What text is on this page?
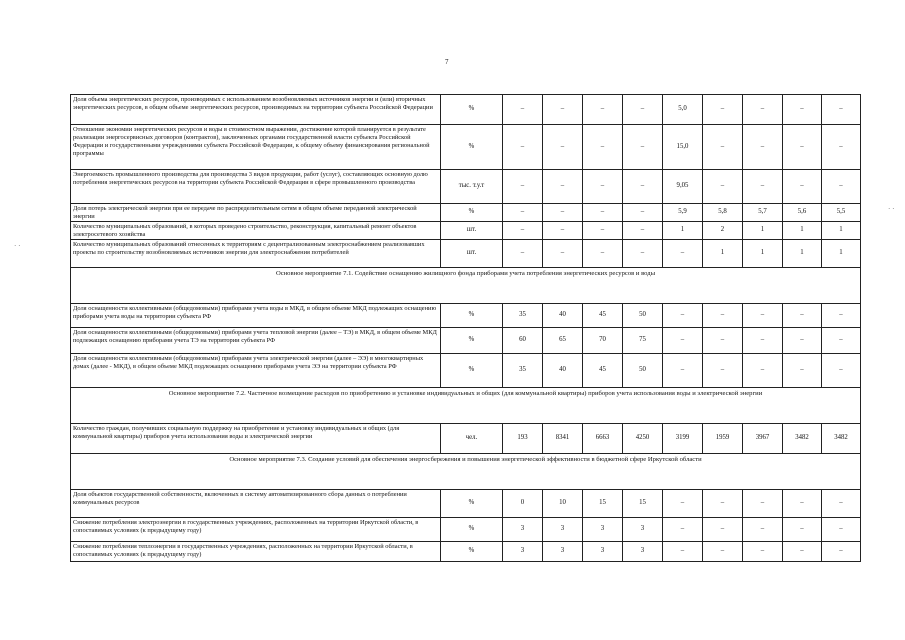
7
· ·
· ·
Доля объема энергетических ресурсов, производимых с использованием возобновляемых источников энергии и (или) вторичных энергетических ресурсов, в общем объеме энергетических ресурсов, производимых на территории субъекта Российской Федерации	%	–	–	–	–	5,0	–	–	–	–	
Отношение экономии энергетических ресурсов и воды в стоимостном выражении, достижение которой планируется в результате реализации энергосервисных договоров (контрактов), заключенных органами государственной власти субъекта Российской Федерации и государственными учреждениями субъекта Российской Федерации, к общему объему финансирования региональной программы	%	–	–	–	–	15,0	–	–	–	–	
Энергоемкость промышленного производства для производства 3 видов продукции, работ (услуг), составляющих основную долю потребления энергетических ресурсов на территории субъекта Российской Федерации в сфере промышленного производства	тыс. т.у.т	–	–	–	–	9,05	–	–	–	–	
Доля потерь электрической энергии при ее передаче по распределительным сетям в общем объеме переданной электрической энергии	%	–	–	–	–	5,9	5,8	5,7	5,6	5,5	
Количество муниципальных образований, в которых проведено строительство, реконструкция, капитальный ремонт объектов электросетевого хозяйства	шт.	–	–	–	–	1	2	1	1	1	
Количество муниципальных образований отнесенных к территориям с децентрализованным электроснабжением реализовавших проекты по строительству возобновляемых источников энергии для электроснабжения потребителей	шт.	–	–	–	–	–	1	1	1	1	
Основное мероприятие 7.1. Содействие оснащению жилищного фонда приборами учета потребления энергетических ресурсов и воды											
Доля оснащенности коллективными (общедомовыми) приборами учета воды в МКД, в общем объеме МКД подлежащих оснащению приборами учета воды на территории субъекта РФ	%	35	40	45	50	–	–	–	–	–	
Доля оснащенности коллективными (общедомовыми) приборами учета тепловой энергии (далее – ТЭ) в МКД, в общем объеме МКД подлежащих оснащению приборами учета ТЭ на территории субъекта РФ	%	60	65	70	75	–	–	–	–	–	
Доля оснащенности коллективными (общедомовыми) приборами учета электрической энергии (далее – ЭЭ) в многоквартирных домах (далее - МКД), в общем объеме МКД подлежащих оснащению приборами учета ЭЭ на территории субъекта РФ	%	35	40	45	50	–	–	–	–	–	
Основное мероприятие 7.2. Частичное возмещение расходов по приобретению и установке индивидуальных и общих (для коммунальной квартиры) приборов учета использования воды и электрической энергии											
Количество граждан, получивших социальную поддержку на приобретение и установку индивидуальных и общих (для коммунальной квартиры) приборов учета использования воды и электрической энергии	чел.	193	8341	6663	4250	3199	1959	3967	3482	3482	
Основное мероприятие 7.3. Создание условий для обеспечения энергосбережения и повышения энергетической эффективности в бюджетной сфере Иркутской области											
Доля объектов государственной собственности, включенных в систему автоматизированного сбора данных о потреблении коммунальных ресурсов	%	0	10	15	15	–	–	–	–	–	
Снижение потребления электроэнергии в государственных учреждениях, расположенных на территории Иркутской области, в сопоставимых условиях (к предыдущему году)	%	3	3	3	3	–	–	–	–	–	
Снижение потребления теплоэнергии в государственных учреждениях, расположенных на территории Иркутской области, в сопоставимых условиях (к предыдущему году)	%	3	3	3	3	–	–	–	–	–	
